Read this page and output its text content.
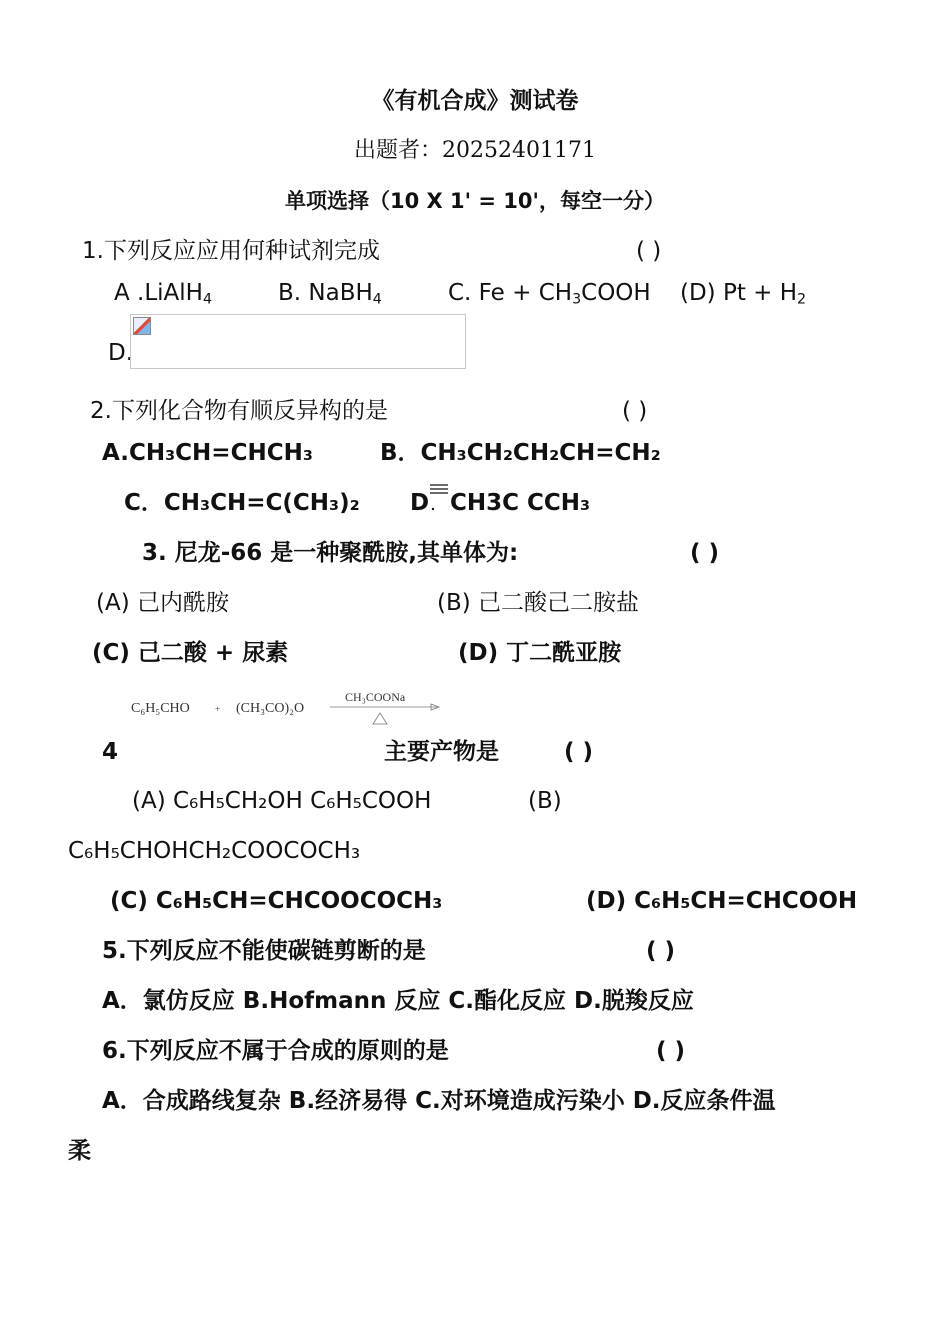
《有机合成》测试卷
出题者：20252401171
单项选择（10 X 1' = 10'，每空一分）
1.下列反应应用何种试剂完成	( )
A .LiAlH$_4$	B. NaBH$_4$	C. $Fe + CH_3COOH$ (D) $Pt + H_2$
D.
2.下列化合物有顺反异构的是	( )
A.CH₃CH=CHCH₃	B．CH₃CH₂CH₂CH=CH₂
C．CH₃CH=C(CH₃)₂ D CH3C CCH₃
3. 尼龙-66 是一种聚酰胺,其单体为:	( )
(A) 己内酰胺	(B) 己二酸己二胺盐
(C) 己二酸 + 尿素	(D) 丁二酰亚胺
C₆H₅CHO	+ (CH₃CO)₂O
CH₃COONa
4	主要产物是	( )
(A) C₆H₅CH₂OH C₆H₅COOH	(B)
C₆H₅CHOHCH₂COOCOCH₃
(C) C₆H₅CH=CHCOOCOCH₃	(D) C₆H₅CH=CHCOOH
5.下列反应不能使碳链剪断的是	( )
A．氯仿反应 B.Hofmann 反应 C.酯化反应 D.脱羧反应
6.下列反应不属于合成的原则的是	( )
A．合成路线复杂 B.经济易得 C.对环境造成污染小 D.反应条件温
柔
